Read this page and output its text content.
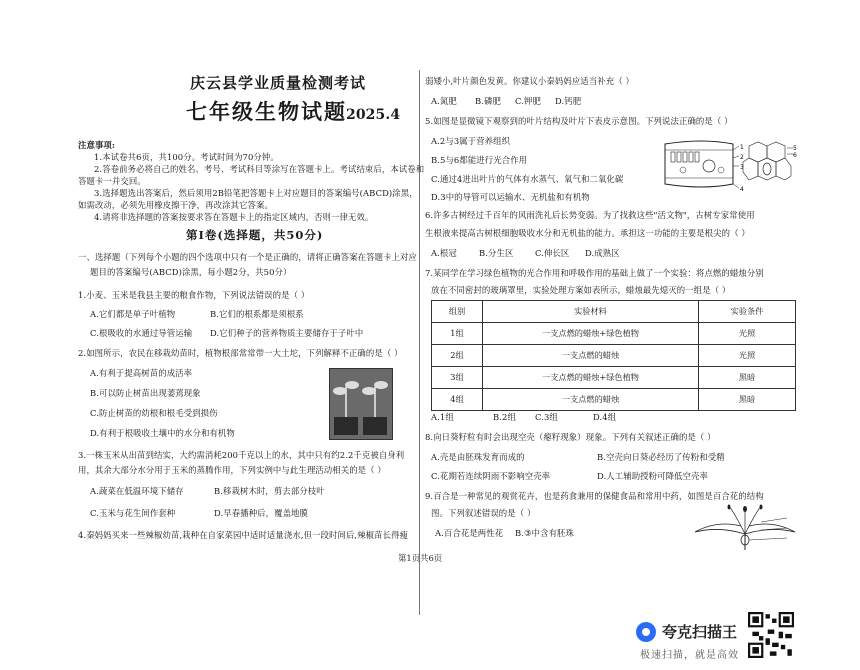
庆云县学业质量检测考试
七年级生物试题 2025.4
注意事项:
1.本试卷共6页，共100分。考试时间为70分钟。
2.答卷前务必将自己的姓名、考号、考试科目等涂写在答题卡上。考试结束后，本试卷和
答题卡一并交回。
3.选择题选出答案后，然后须用2B铅笔把答题卡上对应题目的答案编号(ABCD)涂黑，
如需改动，必须先用橡皮擦干净，再改涂其它答案。
4.请将非选择题的答案按要求答在答题卡上的指定区域内，否则一律无效。
第Ⅰ卷(选择题，共50分)
一、选择题（下列每个小题的四个选项中只有一个是正确的，请将正确答案在答题卡上对应
题目的答案编号(ABCD)涂黑，每小题2分，共50分）
1.小麦、玉米是我县主要的粮食作物，下列说法错误的是（ ）
A.它们都是单子叶植物	B.它们的根系都是须根系
C.根吸收的水通过导管运输 D.它们种子的营养物质主要储存于子叶中
2.如图所示，农民在移栽幼苗时，植物根部常常带一大土坨，下列解释不正确的是（ ）
A.有利于提高树苗的成活率
B.可以防止树苗出现萎蔫现象
C.防止树苗的幼根和根毛受到损伤
D.有利于根吸收土壤中的水分和有机物
3.一株玉米从出苗到结实，大约需消耗200千克以上的水，其中只有约2.2千克被自身利
用，其余大部分水分用于玉米的蒸腾作用，下列实例中与此生理活动相关的是（ ）
A.蔬菜在低温环境下储存	B.移栽树木时，剪去部分枝叶
C.玉米与花生间作套种	D.早春播种后，覆盖地膜
4.秦妈妈买来一些辣椒幼苗,栽种在自家菜园中适时适量浇水,但一段时间后,辣椒苗长得瘦
弱矮小,叶片颜色发黄。你建议小秦妈妈应适当补充（ ）
A.氮肥 B.磷肥 C.钾肥 D.钙肥
5.如图是显微镜下观察到的叶片结构及叶片下表皮示意图。下列说法正确的是（ ）
A.2与3属于营养组织
B.5与6都能进行光合作用
C.通过4进出叶片的气体有水蒸气、氧气和二氧化碳
D.3中的导管可以运输水、无机盐和有机物
1
2
3
4
5
6
6.许多古树经过千百年的风雨洗礼后长势变弱。为了找救这些"活文物"，古树专家常使用
生根液来提高古树根细胞吸收水分和无机盐的能力。承担这一功能的主要是根尖的（ ）
A.根冠	B.分生区	C.伸长区 D.成熟区
7.某同学在学习绿色植物的光合作用和呼吸作用的基础上做了一个实验：将点燃的蜡烛分别
放在不同密封的玻璃罩里，实验处理方案如表所示，蜡烛最先熄灭的一组是（ ）
组别	实验材料	实验条件
1组	一支点燃的蜡烛+绿色植物	光照
2组	一支点燃的蜡烛	光照
3组	一支点燃的蜡烛+绿色植物	黑暗
4组	一支点燃的蜡烛	黑暗
A.1组	B.2组 C.3组	D.4组
8.向日葵籽粒有时会出现空壳（瘪籽现象）现象。下列有关叙述正确的是（ ）
A.壳是由胚珠发育而成的	B.空壳向日葵必经历了传粉和受精
C.花期若连续阴雨不影响空壳率	D.人工辅助授粉可降低空壳率
9.百合是一种常见的观赏花卉，也是药食兼用的保健食品和常用中药，如图是百合花的结构
图。下列叙述错误的是（ ）
A.百合花是两性花 B.③中含有胚珠
第1页共6页
夸克扫描王
极速扫描，就是高效
